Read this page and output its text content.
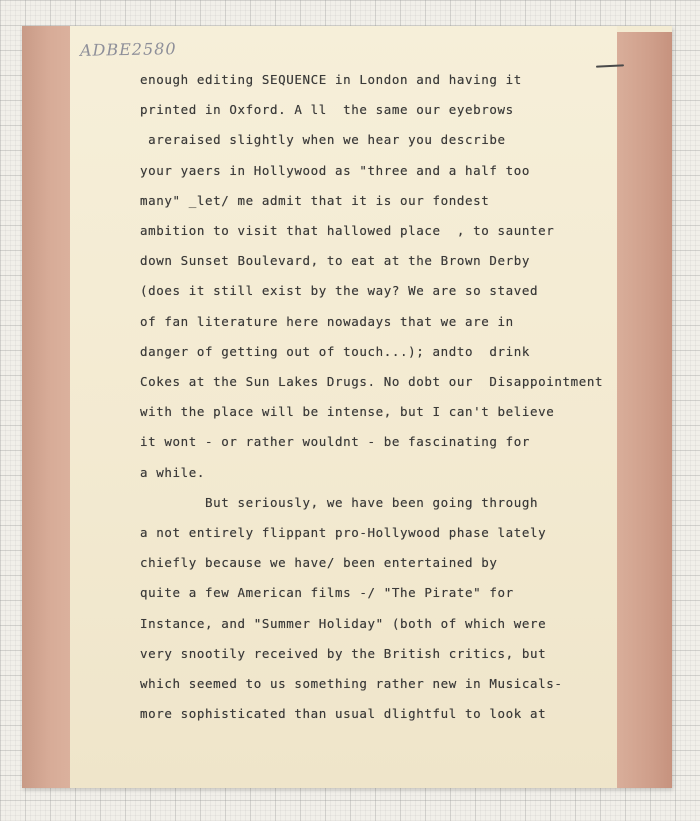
ADBE2580
enough editing SEQUENCE in London and having it
printed in Oxford. A ll  the same our eyebrows
areraised slightly when we hear you describe
your yaers in Hollywood as "three and a half too
many" _let/ me admit that it is our fondest
ambition to visit that hallowed place  , to saunter
down Sunset Boulevard, to eat at the Brown Derby
(does it still exist by the way? We are so staved
of fan literature here nowadays that we are in
danger of getting out of touch...); andto  drink
Cokes at the Sun Lakes Drugs. No dobt our  Disappointment
with the place will be intense, but I can't believe
it wont - or rather wouldnt - be fascinating for
a while.
But seriously, we have been going through
a not entirely flippant pro-Hollywood phase lately
chiefly because we have/ been entertained by
quite a few American films -/ "The Pirate" for
Instance, and "Summer Holiday" (both of which were
very snootily received by the British critics, but
which seemed to us something rather new in Musicals-
more sophisticated than usual dlightful to look at
